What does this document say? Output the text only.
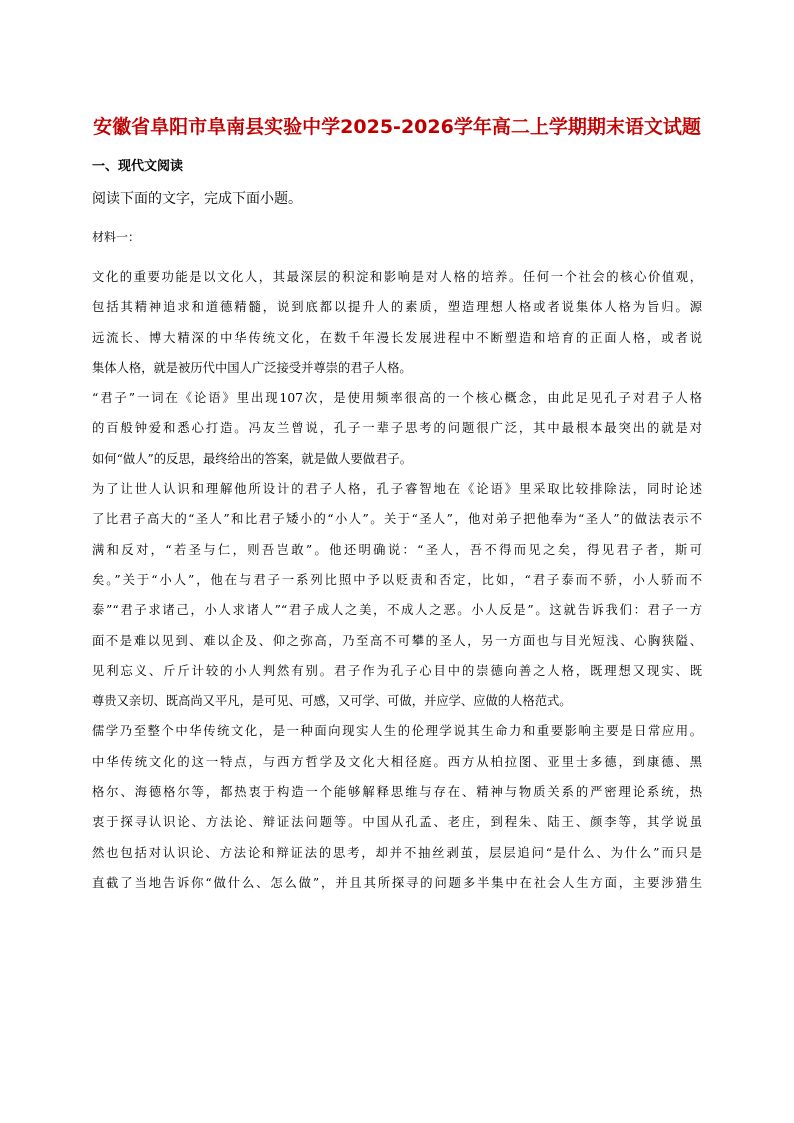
安徽省阜阳市阜南县实验中学2025-2026学年高二上学期期末语文试题
一、现代文阅读
阅读下面的文字，完成下面小题。
材料一：

文化的重要功能是以文化人，其最深层的积淀和影响是对人格的培养。任何一个社会的核心价值观，

包括其精神追求和道德精髓，说到底都以提升人的素质，塑造理想人格或者说集体人格为旨归。源

远流长、博大精深的中华传统文化，在数千年漫长发展进程中不断塑造和培育的正面人格，或者说

集体人格，就是被历代中国人广泛接受并尊崇的君子人格。

“君子”一词在《论语》里出现107次，是使用频率很高的一个核心概念，由此足见孔子对君子人格

的百般钟爱和悉心打造。冯友兰曾说，孔子一辈子思考的问题很广泛，其中最根本最突出的就是对

如何“做人”的反思，最终给出的答案，就是做人要做君子。

为了让世人认识和理解他所设计的君子人格，孔子睿智地在《论语》里采取比较排除法，同时论述

了比君子高大的“圣人”和比君子矮小的“小人”。关于“圣人”，他对弟子把他奉为“圣人”的做法表示不

满和反对，“若圣与仁，则吾岂敢”。他还明确说：“圣人，吾不得而见之矣，得见君子者，斯可

矣。”关于“小人”，他在与君子一系列比照中予以贬责和否定，比如，“君子泰而不骄，小人骄而不

泰”“君子求诸己，小人求诸人”“君子成人之美，不成人之恶。小人反是”。这就告诉我们：君子一方

面不是难以见到、难以企及、仰之弥高，乃至高不可攀的圣人，另一方面也与目光短浅、心胸狭隘、

见利忘义、斤斤计较的小人判然有别。君子作为孔子心目中的崇德向善之人格，既理想又现实、既

尊贵又亲切、既高尚又平凡，是可见、可感，又可学、可做，并应学、应做的人格范式。

儒学乃至整个中华传统文化，是一种面向现实人生的伦理学说其生命力和重要影响主要是日常应用。

中华传统文化的这一特点，与西方哲学及文化大相径庭。西方从柏拉图、亚里士多德，到康德、黑

格尔、海德格尔等，都热衷于构造一个能够解释思维与存在、精神与物质关系的严密理论系统，热

衷于探寻认识论、方法论、辩证法问题等。中国从孔孟、老庄，到程朱、陆王、颜李等，其学说虽

然也包括对认识论、方法论和辩证法的思考，却并不抽丝剥茧，层层追问“是什么、为什么”而只是

直截了当地告诉你“做什么、怎么做”，并且其所探寻的问题多半集中在社会人生方面，主要涉猎生
